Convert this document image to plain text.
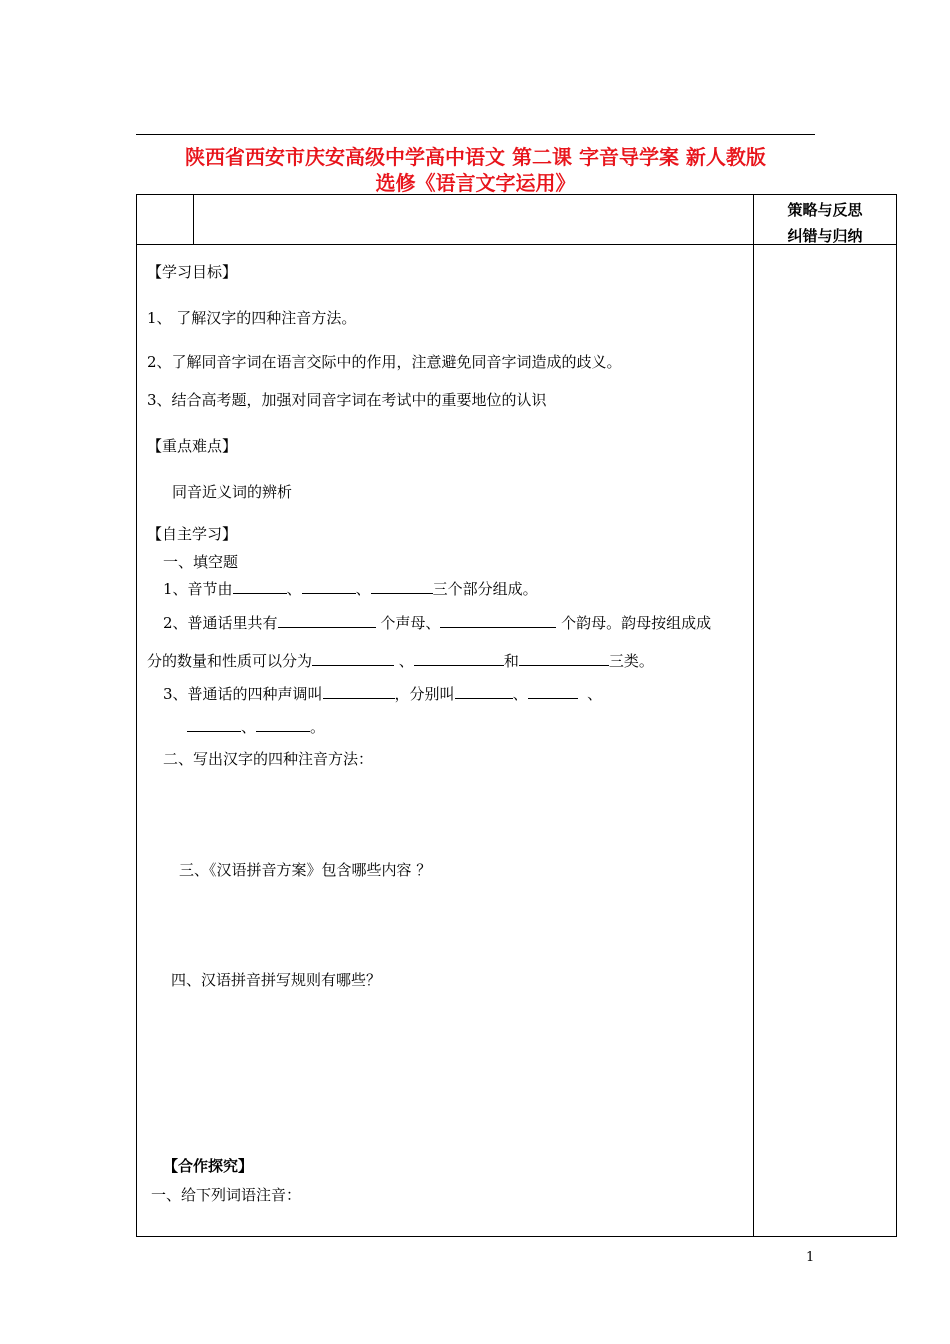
陕西省西安市庆安高级中学高中语文 第二课 字音导学案 新人教版
选修《语言文字运用》
策略与反思
纠错与归纳
【学习目标】
1、 了解汉字的四种注音方法。
2、了解同音字词在语言交际中的作用，注意避免同音字词造成的歧义。
3、结合高考题，加强对同音字词在考试中的重要地位的认识
【重点难点】
同音近义词的辨析
【自主学习】
一、填空题
1、音节由	、	、	三个部分组成。
2、普通话里共有	个声母、	个韵母。韵母按组成成
分的数量和性质可以分为	、	和	三类。
3、普通话的四种声调叫	，分别叫	、	、
、	。
二、写出汉字的四种注音方法：
三、《汉语拼音方案》包含哪些内容 ？
四、汉语拼音拼写规则有哪些？
【合作探究】
一、给下列词语注音：
1
